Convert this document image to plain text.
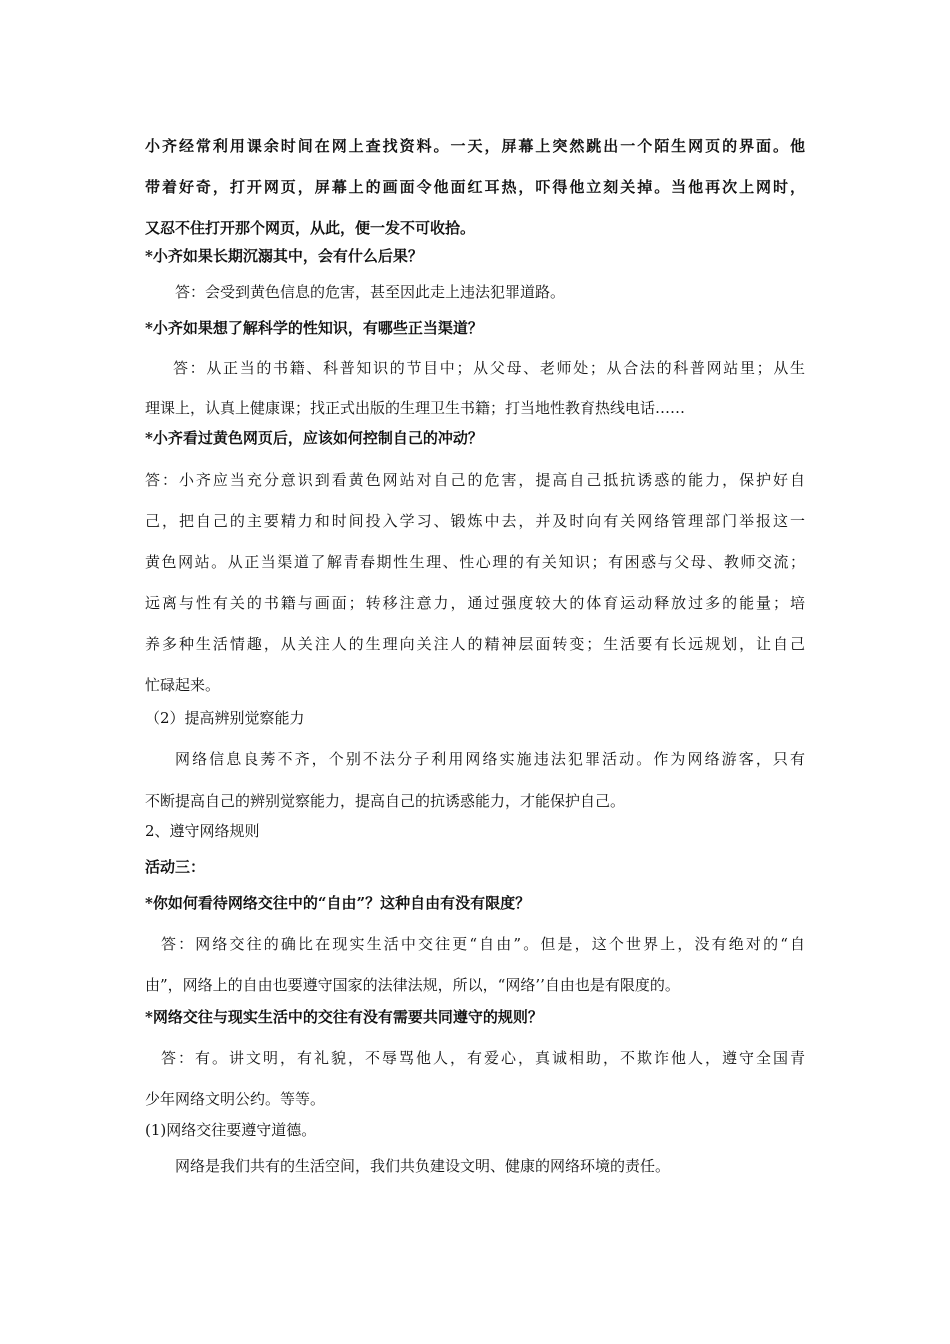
小齐经常利用课余时间在网上查找资料。一天，屏幕上突然跳出一个陌生网页的界面。他
带着好奇，打开网页，屏幕上的画面令他面红耳热，吓得他立刻关掉。当他再次上网时，
又忍不住打开那个网页，从此，便一发不可收拾。
*小齐如果长期沉溺其中，会有什么后果？
答：会受到黄色信息的危害，甚至因此走上违法犯罪道路。
*小齐如果想了解科学的性知识，有哪些正当渠道？
答：从正当的书籍、科普知识的节目中；从父母、老师处；从合法的科普网站里；从生
理课上，认真上健康课；找正式出版的生理卫生书籍；打当地性教育热线电话……
*小齐看过黄色网页后，应该如何控制自己的冲动？
答：小齐应当充分意识到看黄色网站对自己的危害，提高自己抵抗诱惑的能力，保护好自
己，把自己的主要精力和时间投入学习、锻炼中去，并及时向有关网络管理部门举报这一
黄色网站。从正当渠道了解青春期性生理、性心理的有关知识；有困惑与父母、教师交流；
远离与性有关的书籍与画面；转移注意力，通过强度较大的体育运动释放过多的能量；培
养多种生活情趣，从关注人的生理向关注人的精神层面转变；生活要有长远规划，让自己
忙碌起来。
（2）提高辨别觉察能力
网络信息良莠不齐，个别不法分子利用网络实施违法犯罪活动。作为网络游客，只有
不断提高自己的辨别觉察能力，提高自己的抗诱惑能力，才能保护自己。
2、遵守网络规则
活动三：
*你如何看待网络交往中的“自由”？这种自由有没有限度？
答：网络交往的确比在现实生活中交往更“自由”。但是，这个世界上，没有绝对的“自
由”，网络上的自由也要遵守国家的法律法规，所以，“网络’’自由也是有限度的。
*网络交往与现实生活中的交往有没有需要共同遵守的规则？
答：有。讲文明，有礼貌，不辱骂他人，有爱心，真诚相助，不欺诈他人，遵守全国青
少年网络文明公约。等等。
(1)网络交往要遵守道德。
网络是我们共有的生活空间，我们共负建设文明、健康的网络环境的责任。
